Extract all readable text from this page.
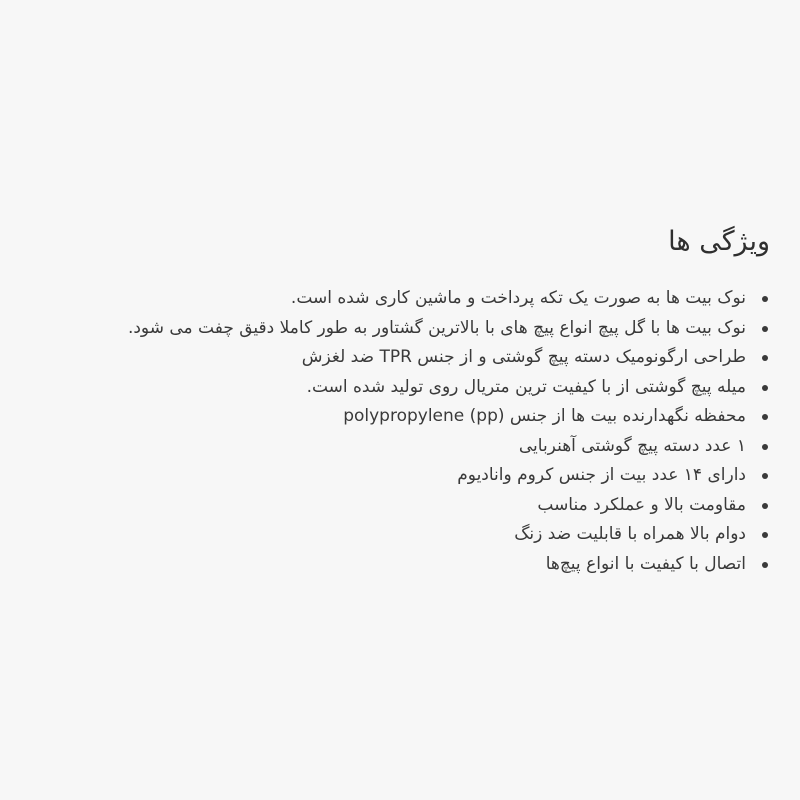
ویژگی ها
نوک بیت ها به صورت یک تکه پرداخت و ماشین کاری شده است.
نوک بیت ها با گل پیچ انواع پیچ های با بالاترین گشتاور به طور کاملا دقیق چفت می شود.
طراحی ارگونومیک دسته پیچ گوشتی و از جنس TPR ضد لغزش
میله پیچ گوشتی از با کیفیت ترین متریال روی تولید شده است.
محفظه نگهدارنده بیت ها از جنس polypropylene (pp)
۱ عدد دسته پیچ گوشتی آهنربایی
دارای ۱۴ عدد بیت از جنس کروم وانادیوم
مقاومت بالا و عملکرد مناسب
دوام بالا همراه با قابلیت ضد زنگ
اتصال با کیفیت با انواع پیچ‌ها
